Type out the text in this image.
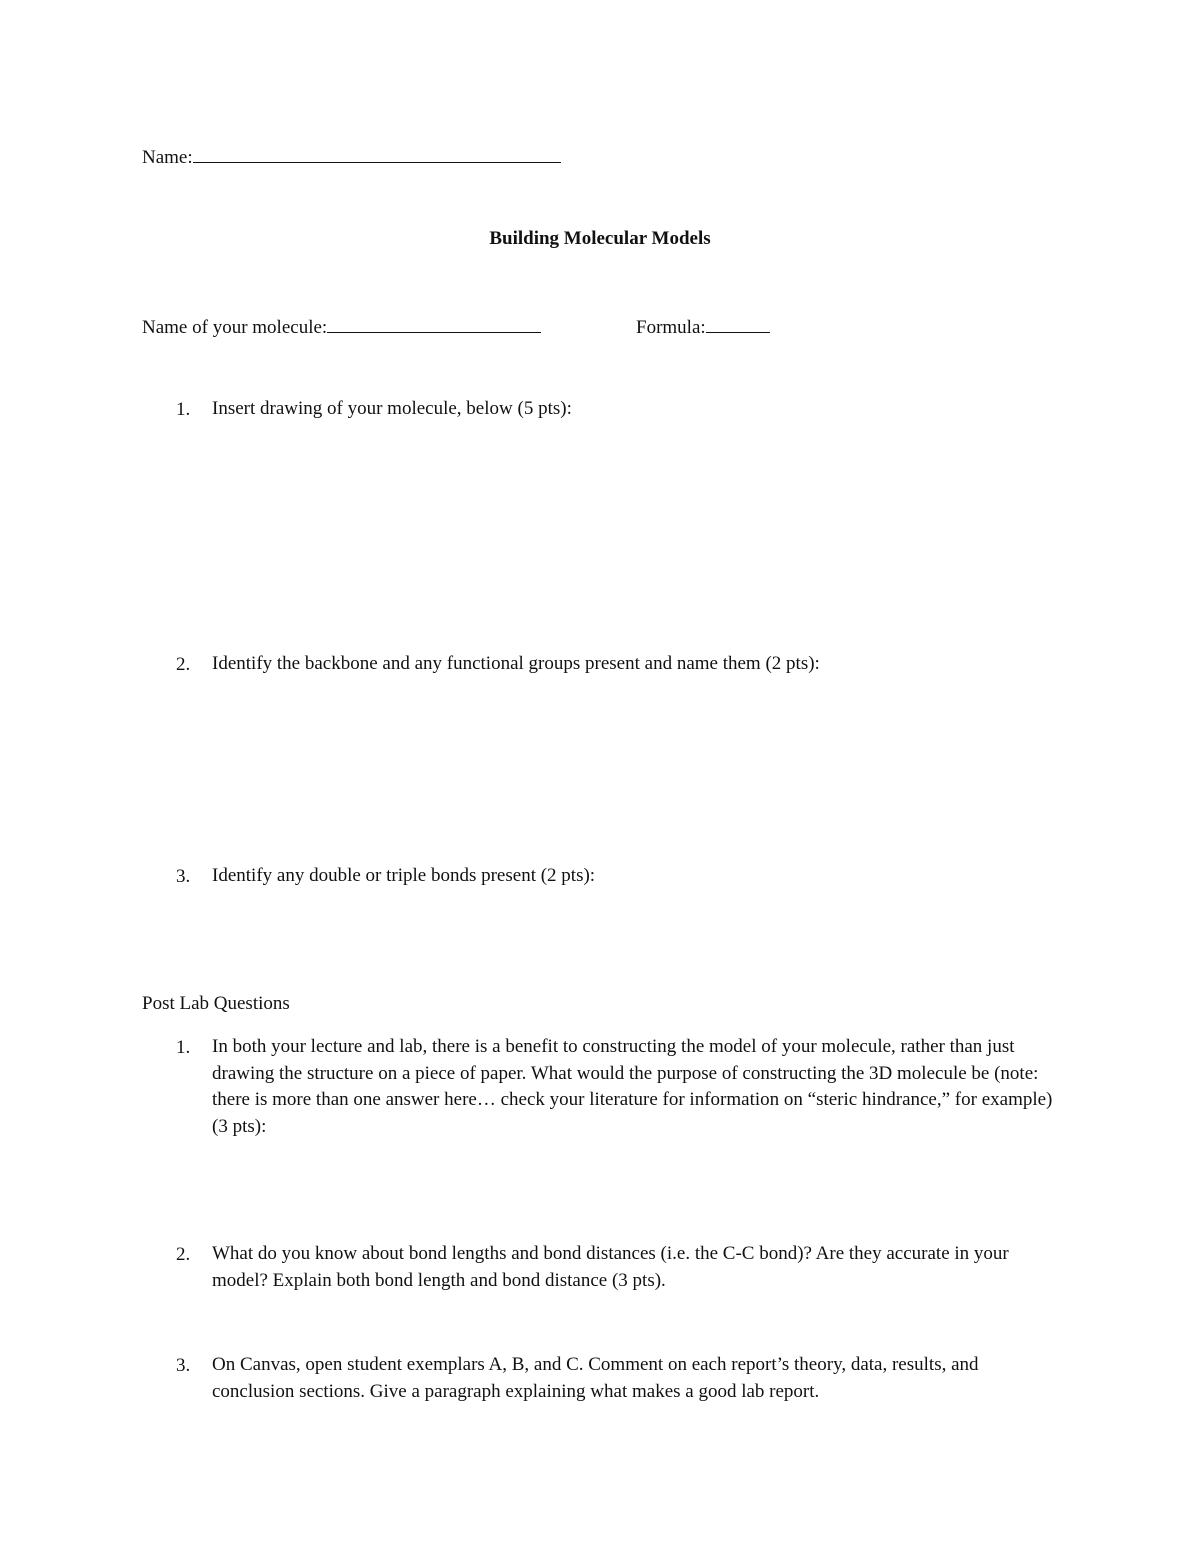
Name:
Building Molecular Models
Name of your molecule:	Formula:
1.	Insert drawing of your molecule, below (5 pts):
2.	Identify the backbone and any functional groups present and name them (2 pts):
3.	Identify any double or triple bonds present (2 pts):
Post Lab Questions
1.	In both your lecture and lab, there is a benefit to constructing the model of your molecule, rather than just drawing the structure on a piece of paper. What would the purpose of constructing the 3D molecule be (note: there is more than one answer here… check your literature for information on “steric hindrance,” for example) (3 pts):
2.	What do you know about bond lengths and bond distances (i.e. the C-C bond)? Are they accurate in your model? Explain both bond length and bond distance (3 pts).
3.	On Canvas, open student exemplars A, B, and C. Comment on each report’s theory, data, results, and conclusion sections. Give a paragraph explaining what makes a good lab report.
